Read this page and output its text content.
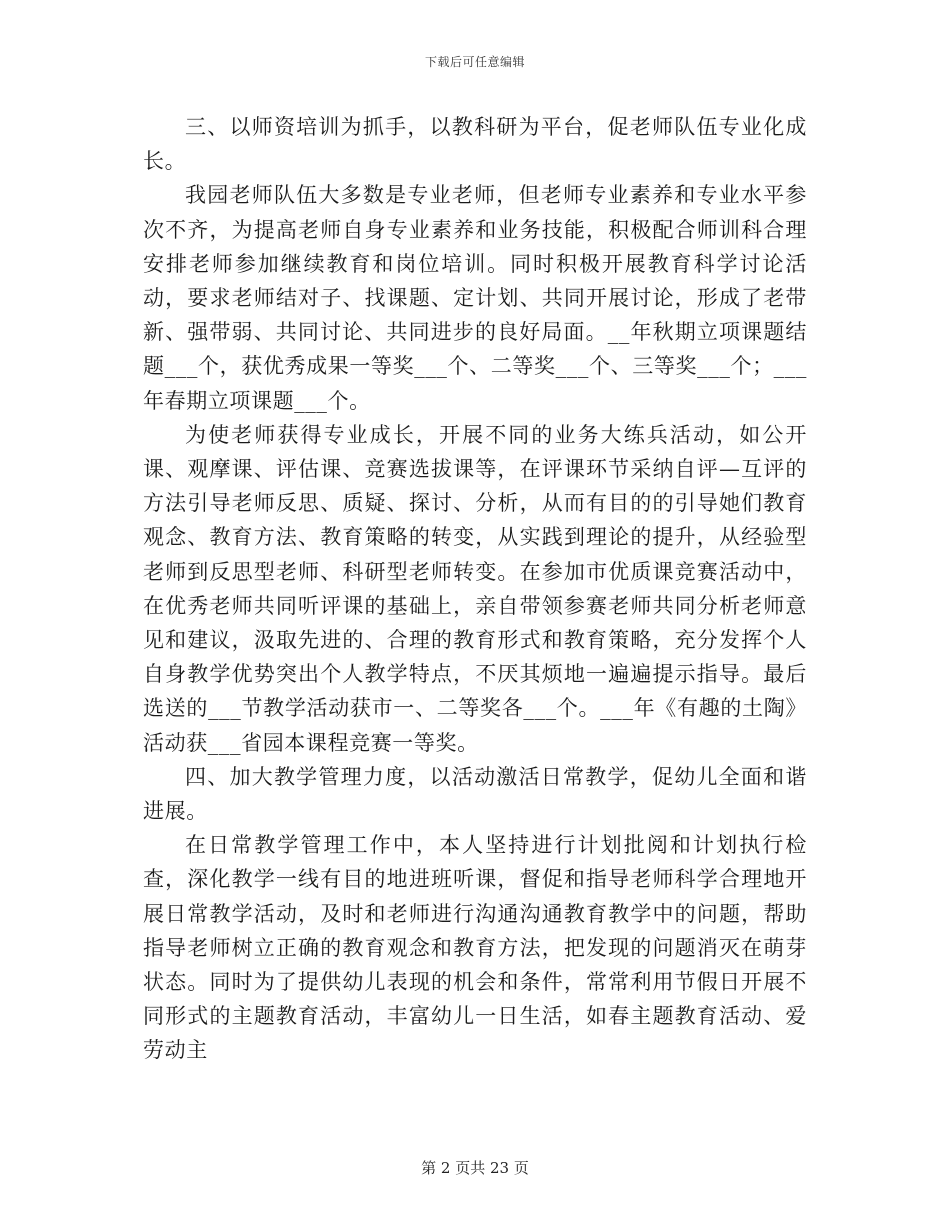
下载后可任意编辑

三、以师资培训为抓手，以教科研为平台，促老师队伍专业化成长。

我园老师队伍大多数是专业老师，但老师专业素养和专业水平参次不齐，为提高老师自身专业素养和业务技能，积极配合师训科合理安排老师参加继续教育和岗位培训。同时积极开展教育科学讨论活动，要求老师结对子、找课题、定计划、共同开展讨论，形成了老带新、强带弱、共同讨论、共同进步的良好局面。__年秋期立项课题结题___个，获优秀成果一等奖___个、二等奖___个、三等奖___个；___年春期立项课题___个。

为使老师获得专业成长，开展不同的业务大练兵活动，如公开课、观摩课、评估课、竞赛选拔课等，在评课环节采纳自评—互评的方法引导老师反思、质疑、探讨、分析，从而有目的的引导她们教育观念、教育方法、教育策略的转变，从实践到理论的提升，从经验型老师到反思型老师、科研型老师转变。在参加市优质课竞赛活动中，在优秀老师共同听评课的基础上，亲自带领参赛老师共同分析老师意见和建议，汲取先进的、合理的教育形式和教育策略，充分发挥个人自身教学优势突出个人教学特点，不厌其烦地一遍遍提示指导。最后选送的___节教学活动获市一、二等奖各___个。___年《有趣的土陶》活动获___省园本课程竞赛一等奖。

四、加大教学管理力度，以活动激活日常教学，促幼儿全面和谐进展。

在日常教学管理工作中，本人坚持进行计划批阅和计划执行检查，深化教学一线有目的地进班听课，督促和指导老师科学合理地开展日常教学活动，及时和老师进行沟通沟通教育教学中的问题，帮助指导老师树立正确的教育观念和教育方法，把发现的问题消灭在萌芽状态。同时为了提供幼儿表现的机会和条件，常常利用节假日开展不同形式的主题教育活动，丰富幼儿一日生活，如春主题教育活动、爱劳动主

第 2 页共 23 页
